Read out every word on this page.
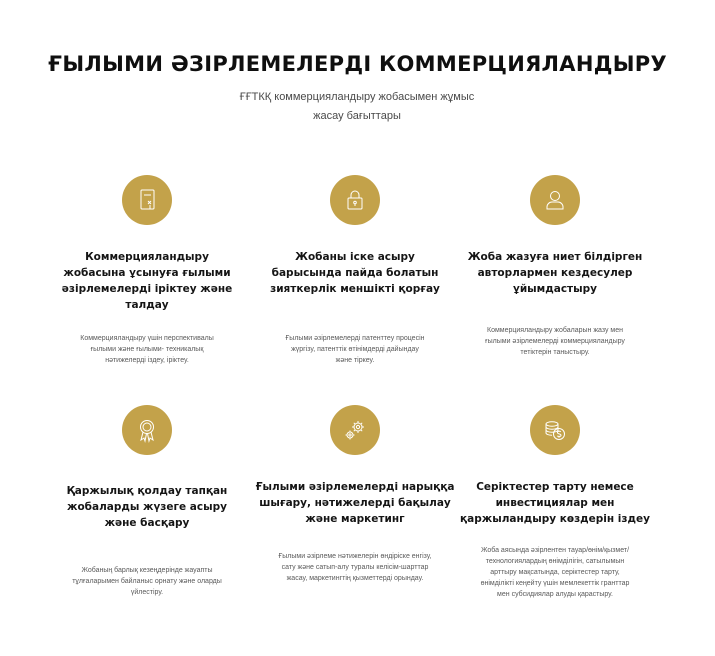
ҒЫЛЫМИ ӘЗІРЛЕМЕЛЕРДІ КОММЕРЦИЯЛАНДЫРУ
ҒҒТКҚ коммерцияландыру жобасымен жұмыс
жасау бағыттары
Коммерцияландыру
жобасына ұсынуға ғылыми
әзірлемелерді іріктеу және
талдау
Коммерцияландыру үшін перспективалы
ғылыми және ғылыми- техникалық
нәтижелерді іздеу, іріктеу.
Жобаны іске асыру
барысында пайда болатын
зияткерлік меншікті қорғау
Ғылыми әзірлемелерді патенттеу процесін
жүргізу, патенттік өтінімдерді дайындау
және тіркеу.
Жоба жазуға ниет білдірген
авторлармен кездесулер
ұйымдастыру
Коммерцияландыру жобаларын жазу мен
ғылыми әзірлемелерді коммерцияландыру
тетіктерін таныстыру.
Қаржылық қолдау тапқан
жобаларды жүзеге асыру
және басқару
Жобаның барлық кезеңдерінде жауапты
тұлғаларымен байланыс орнату және оларды
үйлестіру.
Ғылыми әзірлемелерді нарыққа
шығару, нәтижелерді бақылау
және маркетинг
Ғылыми әзірлеме нәтижелерін өндіріске енгізу,
сату және сатып-алу туралы келісім-шарттар
жасау, маркетингтің қызметтерді орындау.
Серіктестер тарту немесе
инвестициялар мен
қаржыландыру көздерін іздеу
Жоба аясында әзірлентен тауар/өнім/қызмет/
технологиялардың өнімділігін, сатылымын
арттыру мақсатында, серіктестер тарту,
өнімділікті кеңейту үшін мемлекеттік гранттар
мен субсидиялар алуды қарастыру.
